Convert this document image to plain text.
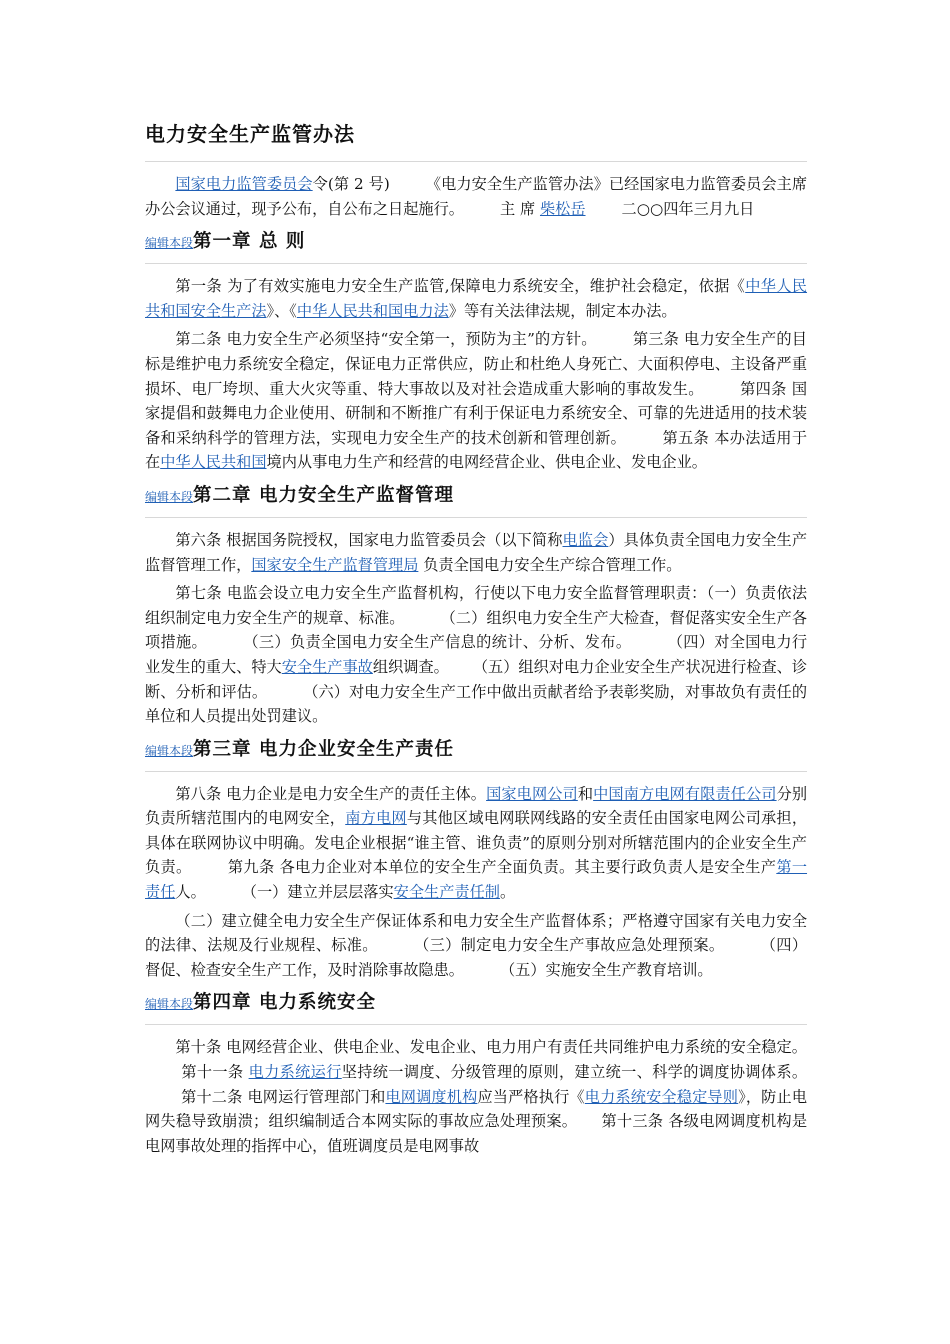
电力安全生产监管办法

国家电力监管委员会令(第 2 号) 《电力安全生产监管办法》已经国家电力监管委员会主席办公会议通过，现予公布，自公布之日起施行。 主 席 柴松岳 二○○四年三月九日

编辑本段第一章 总 则

第一条 为了有效实施电力安全生产监管,保障电力系统安全，维护社会稳定，依据《中华人民共和国安全生产法》、《中华人民共和国电力法》等有关法律法规，制定本办法。

第二条 电力安全生产必须坚持“安全第一，预防为主”的方针。 第三条 电力安全生产的目标是维护电力系统安全稳定，保证电力正常供应，防止和杜绝人身死亡、大面积停电、主设备严重损坏、电厂垮坝、重大火灾等重、特大事故以及对社会造成重大影响的事故发生。 第四条 国家提倡和鼓舞电力企业使用、研制和不断推广有利于保证电力系统安全、可靠的先进适用的技术装备和采纳科学的管理方法，实现电力安全生产的技术创新和管理创新。 第五条 本办法适用于在中华人民共和国境内从事电力生产和经营的电网经营企业、供电企业、发电企业。

编辑本段第二章 电力安全生产监督管理

第六条 根据国务院授权，国家电力监管委员会（以下简称电监会）具体负责全国电力安全生产监督管理工作，国家安全生产监督管理局 负责全国电力安全生产综合管理工作。

第七条 电监会设立电力安全生产监督机构，行使以下电力安全监督管理职责：（一）负责依法组织制定电力安全生产的规章、标准。 （二）组织电力安全生产大检查，督促落实安全生产各项措施。 （三）负责全国电力安全生产信息的统计、分析、发布。 （四）对全国电力行业发生的重大、特大安全生产事故组织调查。 （五）组织对电力企业安全生产状况进行检查、诊断、分析和评估。 （六）对电力安全生产工作中做出贡献者给予表彰奖励，对事故负有责任的单位和人员提出处罚建议。

编辑本段第三章 电力企业安全生产责任

第八条 电力企业是电力安全生产的责任主体。国家电网公司和中国南方电网有限责任公司分别负责所辖范围内的电网安全，南方电网与其他区域电网联网线路的安全责任由国家电网公司承担，具体在联网协议中明确。发电企业根据“谁主管、谁负责”的原则分别对所辖范围内的企业安全生产负责。 第九条 各电力企业对本单位的安全生产全面负责。其主要行政负责人是安全生产第一责任人。 （一）建立并层层落实安全生产责任制。

（二）建立健全电力安全生产保证体系和电力安全生产监督体系；严格遵守国家有关电力安全 的法律、法规及行业规程、标准。 （三）制定电力安全生产事故应急处理预案。 （四）督促、检查安全生产工作，及时消除事故隐患。 （五）实施安全生产教育培训。

编辑本段第四章 电力系统安全

第十条 电网经营企业、供电企业、发电企业、电力用户有责任共同维护电力系统的安全稳定。第十一条 电力系统运行坚持统一调度、分级管理的原则，建立统一、科学的调度协调体系。第十二条 电网运行管理部门和电网调度机构应当严格执行《电力系统安全稳定导则》，防止电网失稳导致崩溃；组织编制适合本网实际的事故应急处理预案。 第十三条 各级电网调度机构是电网事故处理的指挥中心，值班调度员是电网事故
